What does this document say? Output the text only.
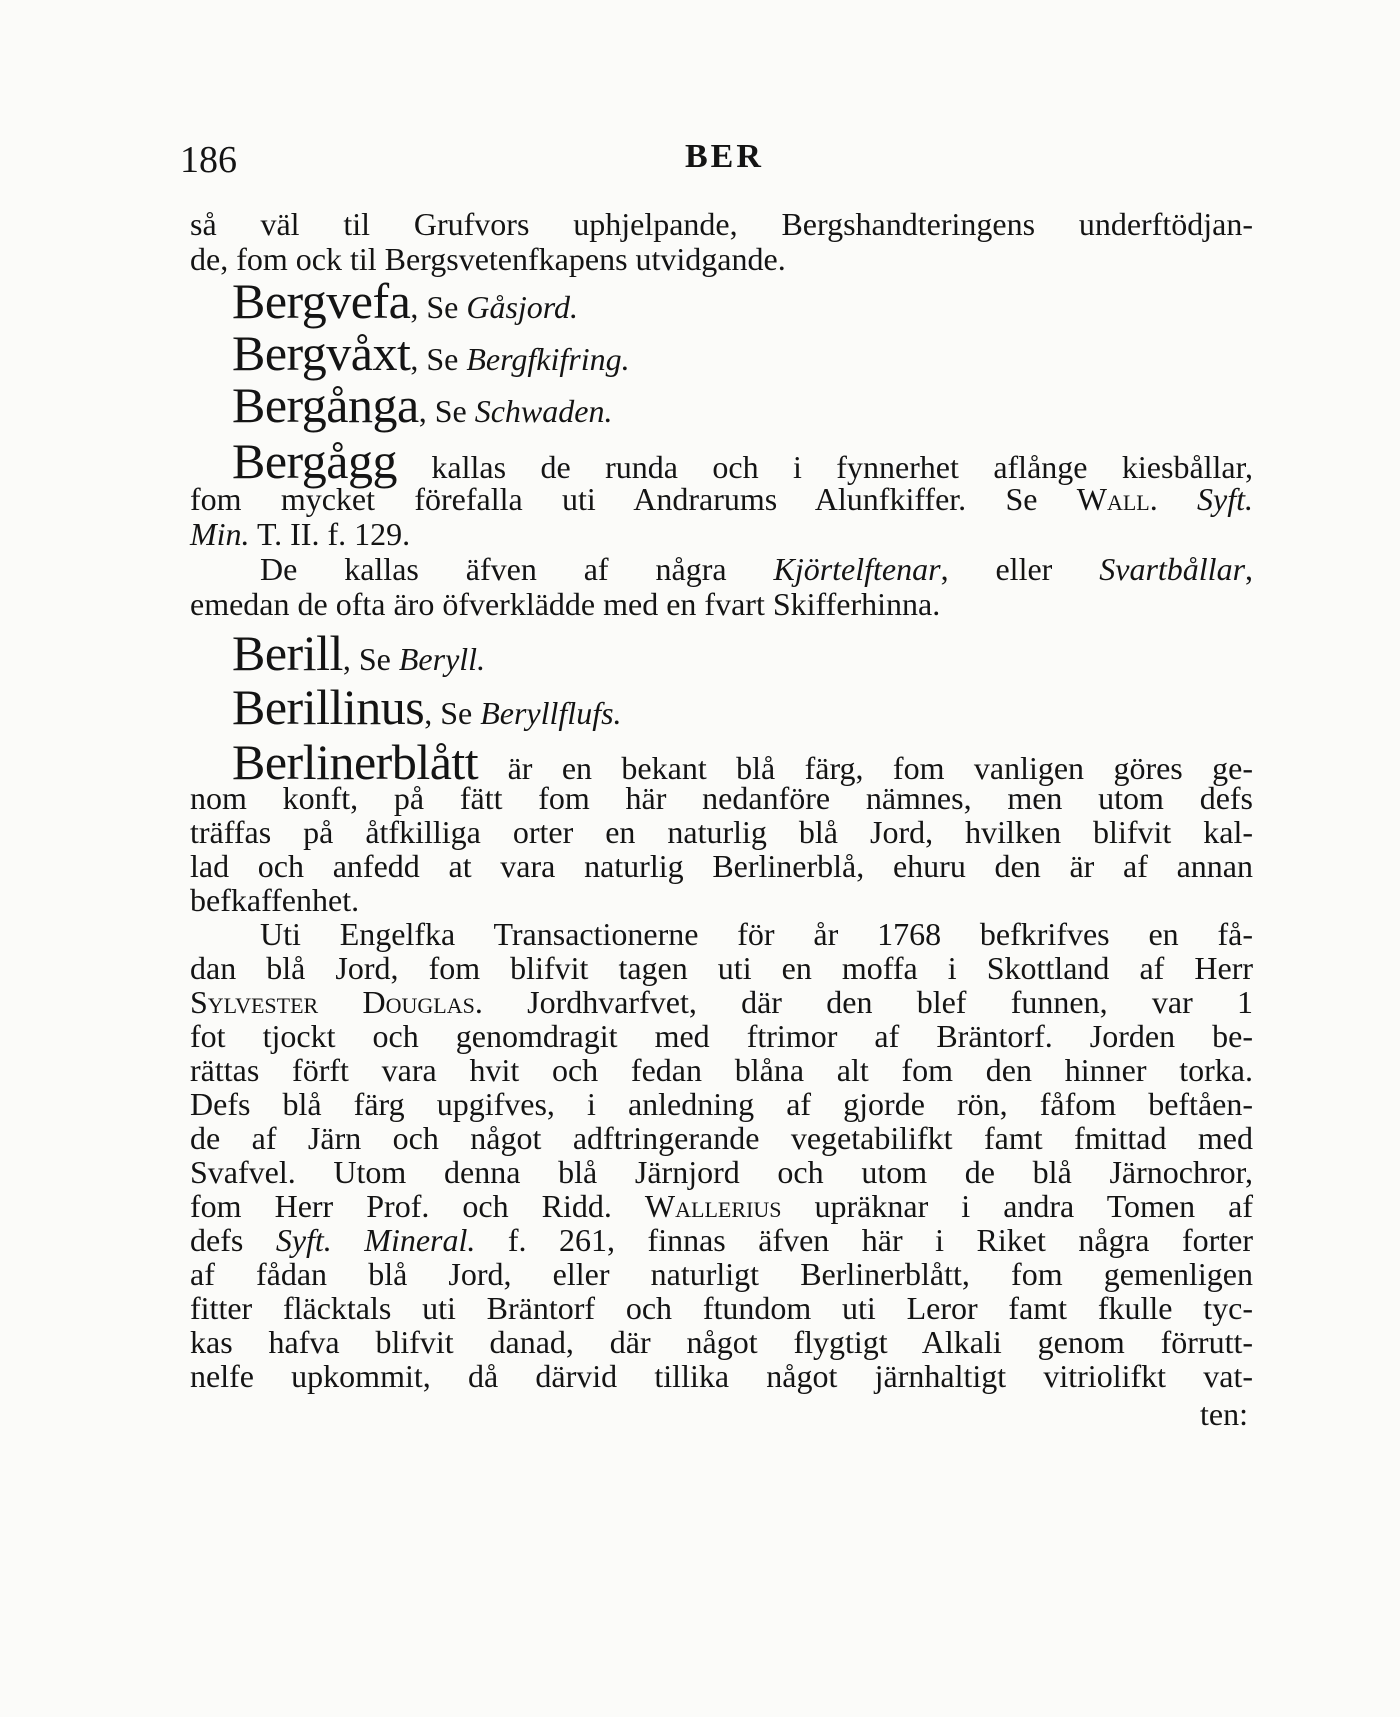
186	BER
så väl til Grufvors uphjelpande, Bergshandteringens underftödjan-
de, fom ock til Bergsvetenfkapens utvidgande.
Bergvefa, Se Gåsjord.
Bergvåxt, Se Bergfkifring.
Bergånga, Se Schwaden.
Bergågg kallas de runda och i fynnerhet aflånge kiesbållar,
fom mycket förefalla uti Andrarums Alunfkiffer. Se Wall. Syft.
Min. T. II. f. 129.
De kallas äfven af några Kjörtelftenar, eller Svartbållar,
emedan de ofta äro öfverklädde med en fvart Skifferhinna.
Berill, Se Beryll.
Berillinus, Se Beryllflufs.
Berlinerblått är en bekant blå färg, fom vanligen göres ge-
nom konft, på fätt fom här nedanföre nämnes, men utom defs
träffas på åtfkilliga orter en naturlig blå Jord, hvilken blifvit kal-
lad och anfedd at vara naturlig Berlinerblå, ehuru den är af annan
befkaffenhet.
Uti Engelfka Transactionerne för år 1768 befkrifves en få-
dan blå Jord, fom blifvit tagen uti en moffa i Skottland af Herr
Sylvester Douglas. Jordhvarfvet, där den blef funnen, var 1
fot tjockt och genomdragit med ftrimor af Bräntorf. Jorden be-
rättas förft vara hvit och fedan blåna alt fom den hinner torka.
Defs blå färg upgifves, i anledning af gjorde rön, fåfom beftåen-
de af Järn och något adftringerande vegetabilifkt famt fmittad med
Svafvel. Utom denna blå Järnjord och utom de blå Järnochror,
fom Herr Prof. och Ridd. Wallerius upräknar i andra Tomen af
defs Syft. Mineral. f. 261, finnas äfven här i Riket några forter
af fådan blå Jord, eller naturligt Berlinerblått, fom gemenligen
fitter fläcktals uti Bräntorf och ftundom uti Leror famt fkulle tyc-
kas hafva blifvit danad, där något flygtigt Alkali genom förrutt-
nelfe upkommit, då därvid tillika något järnhaltigt vitriolifkt vat-
ten:
